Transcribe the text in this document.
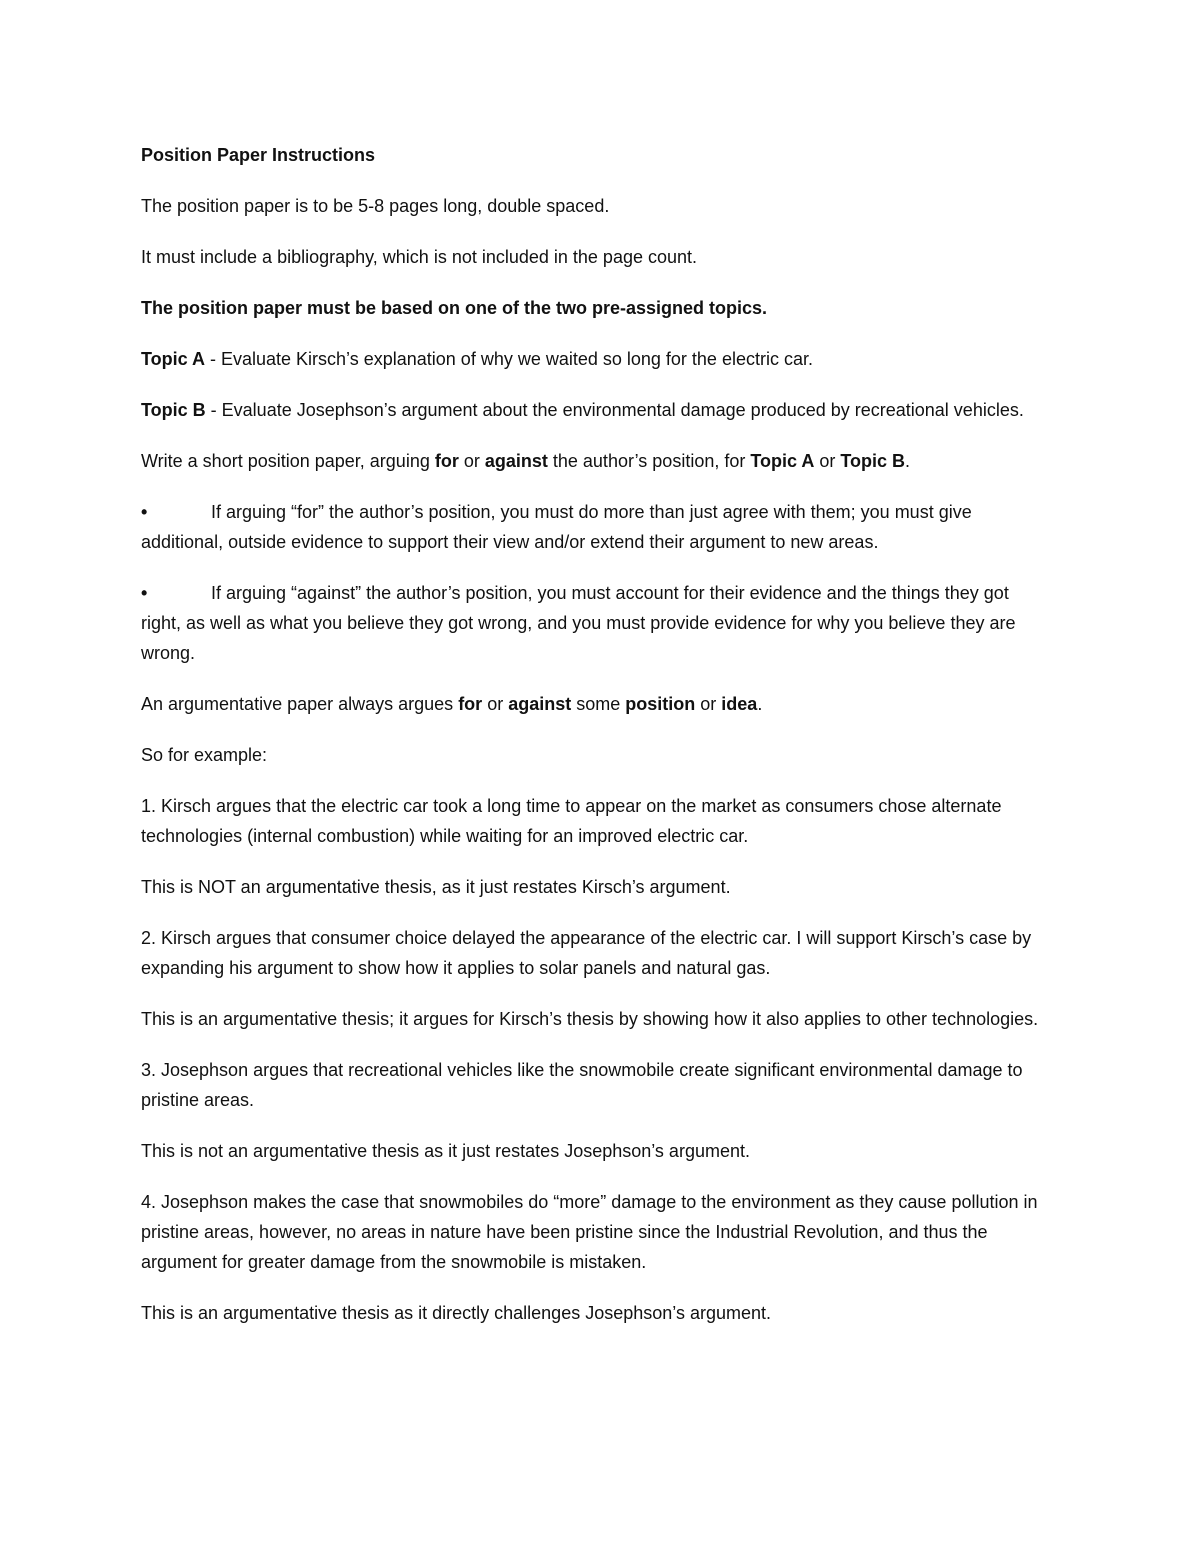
Position Paper Instructions

The position paper is to be 5-8 pages long, double spaced.

It must include a bibliography, which is not included in the page count.

The position paper must be based on one of the two pre-assigned topics.

Topic A - Evaluate Kirsch’s explanation of why we waited so long for the electric car.

Topic B - Evaluate Josephson’s argument about the environmental damage produced by recreational vehicles.

Write a short position paper, arguing for or against the author’s position, for Topic A or Topic B.

•	If arguing “for” the author’s position, you must do more than just agree with them; you must give additional, outside evidence to support their view and/or extend their argument to new areas.

•	If arguing “against” the author’s position, you must account for their evidence and the things they got right, as well as what you believe they got wrong, and you must provide evidence for why you believe they are wrong.

An argumentative paper always argues for or against some position or idea.

So for example:

1. Kirsch argues that the electric car took a long time to appear on the market as consumers chose alternate technologies (internal combustion) while waiting for an improved electric car.

This is NOT an argumentative thesis, as it just restates Kirsch’s argument.

2. Kirsch argues that consumer choice delayed the appearance of the electric car. I will support Kirsch’s case by expanding his argument to show how it applies to solar panels and natural gas.

This is an argumentative thesis; it argues for Kirsch’s thesis by showing how it also applies to other technologies.

3. Josephson argues that recreational vehicles like the snowmobile create significant environmental damage to pristine areas.

This is not an argumentative thesis as it just restates Josephson’s argument.

4. Josephson makes the case that snowmobiles do “more” damage to the environment as they cause pollution in pristine areas, however, no areas in nature have been pristine since the Industrial Revolution, and thus the argument for greater damage from the snowmobile is mistaken.

This is an argumentative thesis as it directly challenges Josephson’s argument.
